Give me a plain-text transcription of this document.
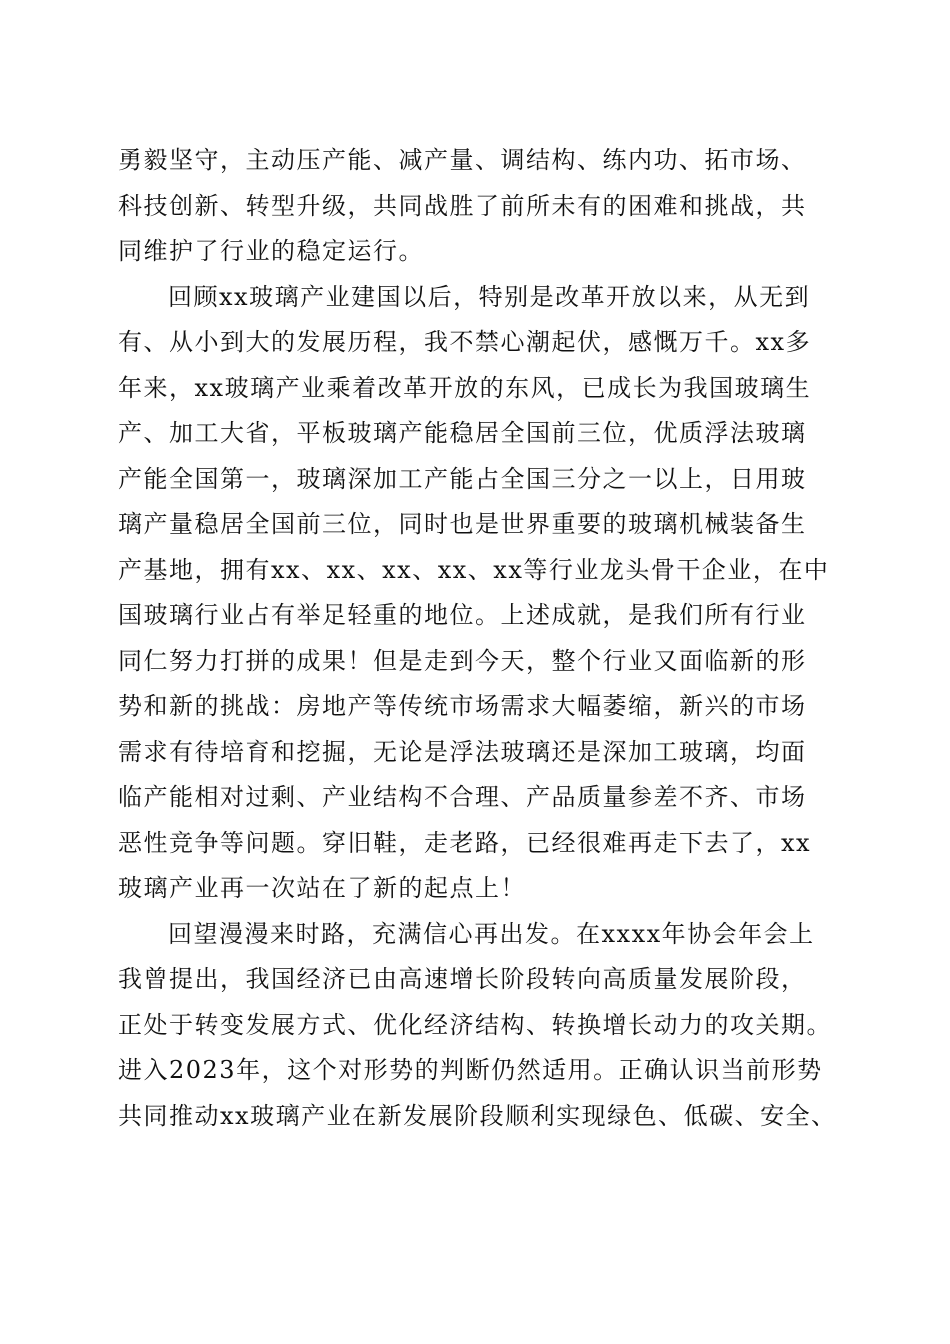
勇毅坚守，主动压产能、减产量、调结构、练内功、拓市场、
科技创新、转型升级，共同战胜了前所未有的困难和挑战，共
同维护了行业的稳定运行。
回顾xx玻璃产业建国以后，特别是改革开放以来，从无到
有、从小到大的发展历程，我不禁心潮起伏，感慨万千。xx多
年来，xx玻璃产业乘着改革开放的东风，已成长为我国玻璃生
产、加工大省，平板玻璃产能稳居全国前三位，优质浮法玻璃
产能全国第一，玻璃深加工产能占全国三分之一以上，日用玻
璃产量稳居全国前三位，同时也是世界重要的玻璃机械装备生
产基地，拥有xx、xx、xx、xx、xx等行业龙头骨干企业，在中
国玻璃行业占有举足轻重的地位。上述成就，是我们所有行业
同仁努力打拼的成果！但是走到今天，整个行业又面临新的形
势和新的挑战：房地产等传统市场需求大幅萎缩，新兴的市场
需求有待培育和挖掘，无论是浮法玻璃还是深加工玻璃，均面
临产能相对过剩、产业结构不合理、产品质量参差不齐、市场
恶性竞争等问题。穿旧鞋，走老路，已经很难再走下去了，xx
玻璃产业再一次站在了新的起点上！
回望漫漫来时路，充满信心再出发。在xxxx年协会年会上
我曾提出，我国经济已由高速增长阶段转向高质量发展阶段，
正处于转变发展方式、优化经济结构、转换增长动力的攻关期。
进入2023年，这个对形势的判断仍然适用。正确认识当前形势
共同推动xx玻璃产业在新发展阶段顺利实现绿色、低碳、安全、
